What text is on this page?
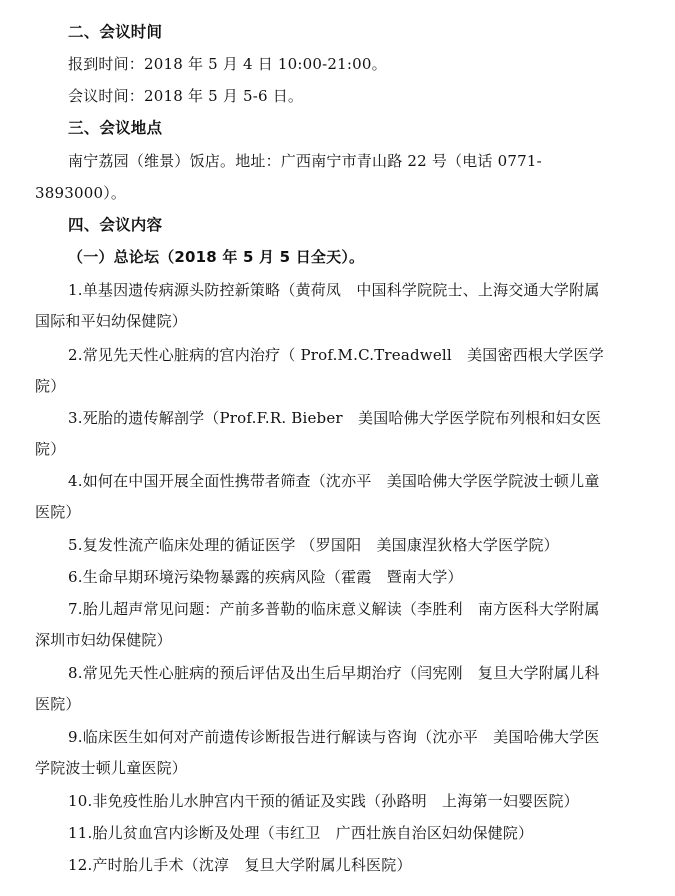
二、会议时间
报到时间：2018 年 5 月 4 日 10:00-21:00。
会议时间：2018 年 5 月 5-6 日。
三、会议地点
南宁荔园（维景）饭店。地址：广西南宁市青山路 22 号（电话 0771-
3893000）。
四、会议内容
（一）总论坛（2018 年 5 月 5 日全天）。
1.单基因遗传病源头防控新策略（黄荷凤　中国科学院院士、上海交通大学附属
国际和平妇幼保健院）
2.常见先天性心脏病的宫内治疗（ Prof.M.C.Treadwell　美国密西根大学医学
院）
3.死胎的遗传解剖学（Prof.F.R. Bieber　美国哈佛大学医学院布列根和妇女医
院）
4.如何在中国开展全面性携带者筛查（沈亦平　美国哈佛大学医学院波士顿儿童
医院）
5.复发性流产临床处理的循证医学 （罗国阳　美国康涅狄格大学医学院）
6.生命早期环境污染物暴露的疾病风险（霍霞　暨南大学）
7.胎儿超声常见问题：产前多普勒的临床意义解读（李胜利　南方医科大学附属
深圳市妇幼保健院）
8.常见先天性心脏病的预后评估及出生后早期治疗（闫宪刚　复旦大学附属儿科
医院）
9.临床医生如何对产前遗传诊断报告进行解读与咨询（沈亦平　美国哈佛大学医
学院波士顿儿童医院）
10.非免疫性胎儿水肿宫内干预的循证及实践（孙路明　上海第一妇婴医院）
11.胎儿贫血宫内诊断及处理（韦红卫　广西壮族自治区妇幼保健院）
12.产时胎儿手术（沈淳　复旦大学附属儿科医院）
